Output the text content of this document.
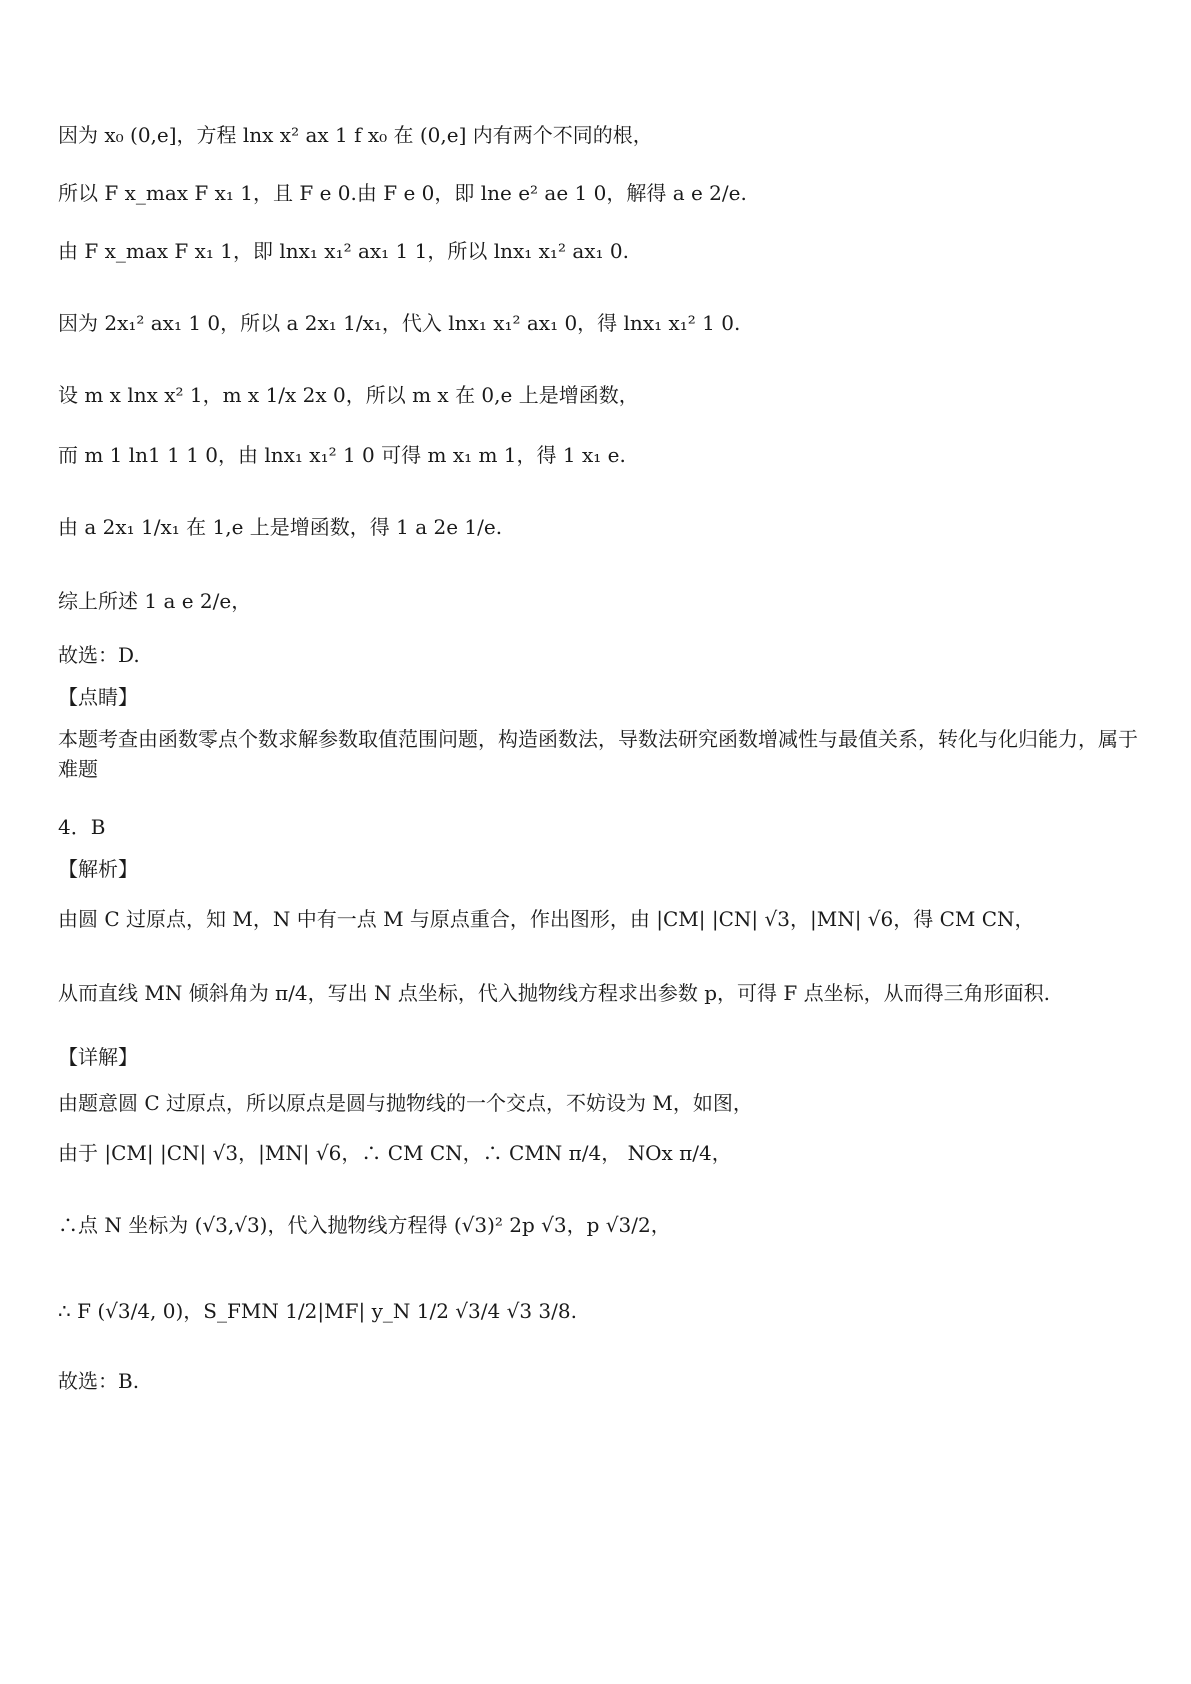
因为 x₀ (0,e]，方程 lnx x² ax 1 f x₀ 在 (0,e] 内有两个不同的根，
所以 F x_max F x₁ 1，且 F e 0.由 F e 0，即 lne e² ae 1 0，解得 a e 2/e.
由 F x_max F x₁ 1，即 lnx₁ x₁² ax₁ 1 1，所以 lnx₁ x₁² ax₁ 0.
因为 2x₁² ax₁ 1 0，所以 a 2x₁ 1/x₁，代入 lnx₁ x₁² ax₁ 0，得 lnx₁ x₁² 1 0.
设 m x lnx x² 1，m x 1/x 2x 0，所以 m x 在 0,e 上是增函数，
而 m 1 ln1 1 1 0，由 lnx₁ x₁² 1 0 可得 m x₁ m 1，得 1 x₁ e.
由 a 2x₁ 1/x₁ 在 1,e 上是增函数，得 1 a 2e 1/e.
综上所述 1 a e 2/e，
故选：D.
【点睛】
本题考查由函数零点个数求解参数取值范围问题，构造函数法，导数法研究函数增减性与最值关系，转化与化归能力，属于难题
4．B
【解析】
由圆 C 过原点，知 M，N 中有一点 M 与原点重合，作出图形，由 |CM| |CN| √3，|MN| √6，得 CM CN，
从而直线 MN 倾斜角为 π/4，写出 N 点坐标，代入抛物线方程求出参数 p，可得 F 点坐标，从而得三角形面积.
【详解】
由题意圆 C 过原点，所以原点是圆与抛物线的一个交点，不妨设为 M，如图，
由于 |CM| |CN| √3，|MN| √6，∴ CM CN，∴ CMN π/4， NOx π/4，
∴点 N 坐标为 (√3,√3)，代入抛物线方程得 (√3)² 2p √3，p √3/2，
∴ F (√3/4, 0)，S_FMN 1/2|MF| y_N 1/2 √3/4 √3 3/8.
故选：B.
